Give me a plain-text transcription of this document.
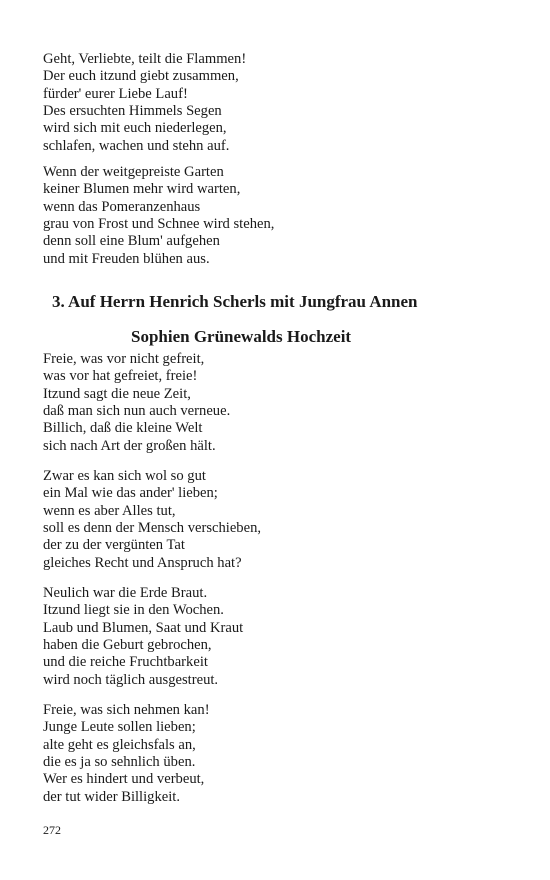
Geht, Verliebte, teilt die Flammen!
Der euch itzund giebt zusammen,
fürder' eurer Liebe Lauf!
Des ersuchten Himmels Segen
wird sich mit euch niederlegen,
schlafen, wachen und stehn auf.
Wenn der weitgepreiste Garten
keiner Blumen mehr wird warten,
wenn das Pomeranzenhaus
grau von Frost und Schnee wird stehen,
denn soll eine Blum' aufgehen
und mit Freuden blühen aus.
3. Auf Herrn Henrich Scherls mit Jungfrau Annen
Sophien Grünewalds Hochzeit
Freie, was vor nicht gefreit,
was vor hat gefreiet, freie!
Itzund sagt die neue Zeit,
daß man sich nun auch verneue.
Billich, daß die kleine Welt
sich nach Art der großen hält.
Zwar es kan sich wol so gut
ein Mal wie das ander' lieben;
wenn es aber Alles tut,
soll es denn der Mensch verschieben,
der zu der vergünten Tat
gleiches Recht und Anspruch hat?
Neulich war die Erde Braut.
Itzund liegt sie in den Wochen.
Laub und Blumen, Saat und Kraut
haben die Geburt gebrochen,
und die reiche Fruchtbarkeit
wird noch täglich ausgestreut.
Freie, was sich nehmen kan!
Junge Leute sollen lieben;
alte geht es gleichsfals an,
die es ja so sehnlich üben.
Wer es hindert und verbeut,
der tut wider Billigkeit.
272
